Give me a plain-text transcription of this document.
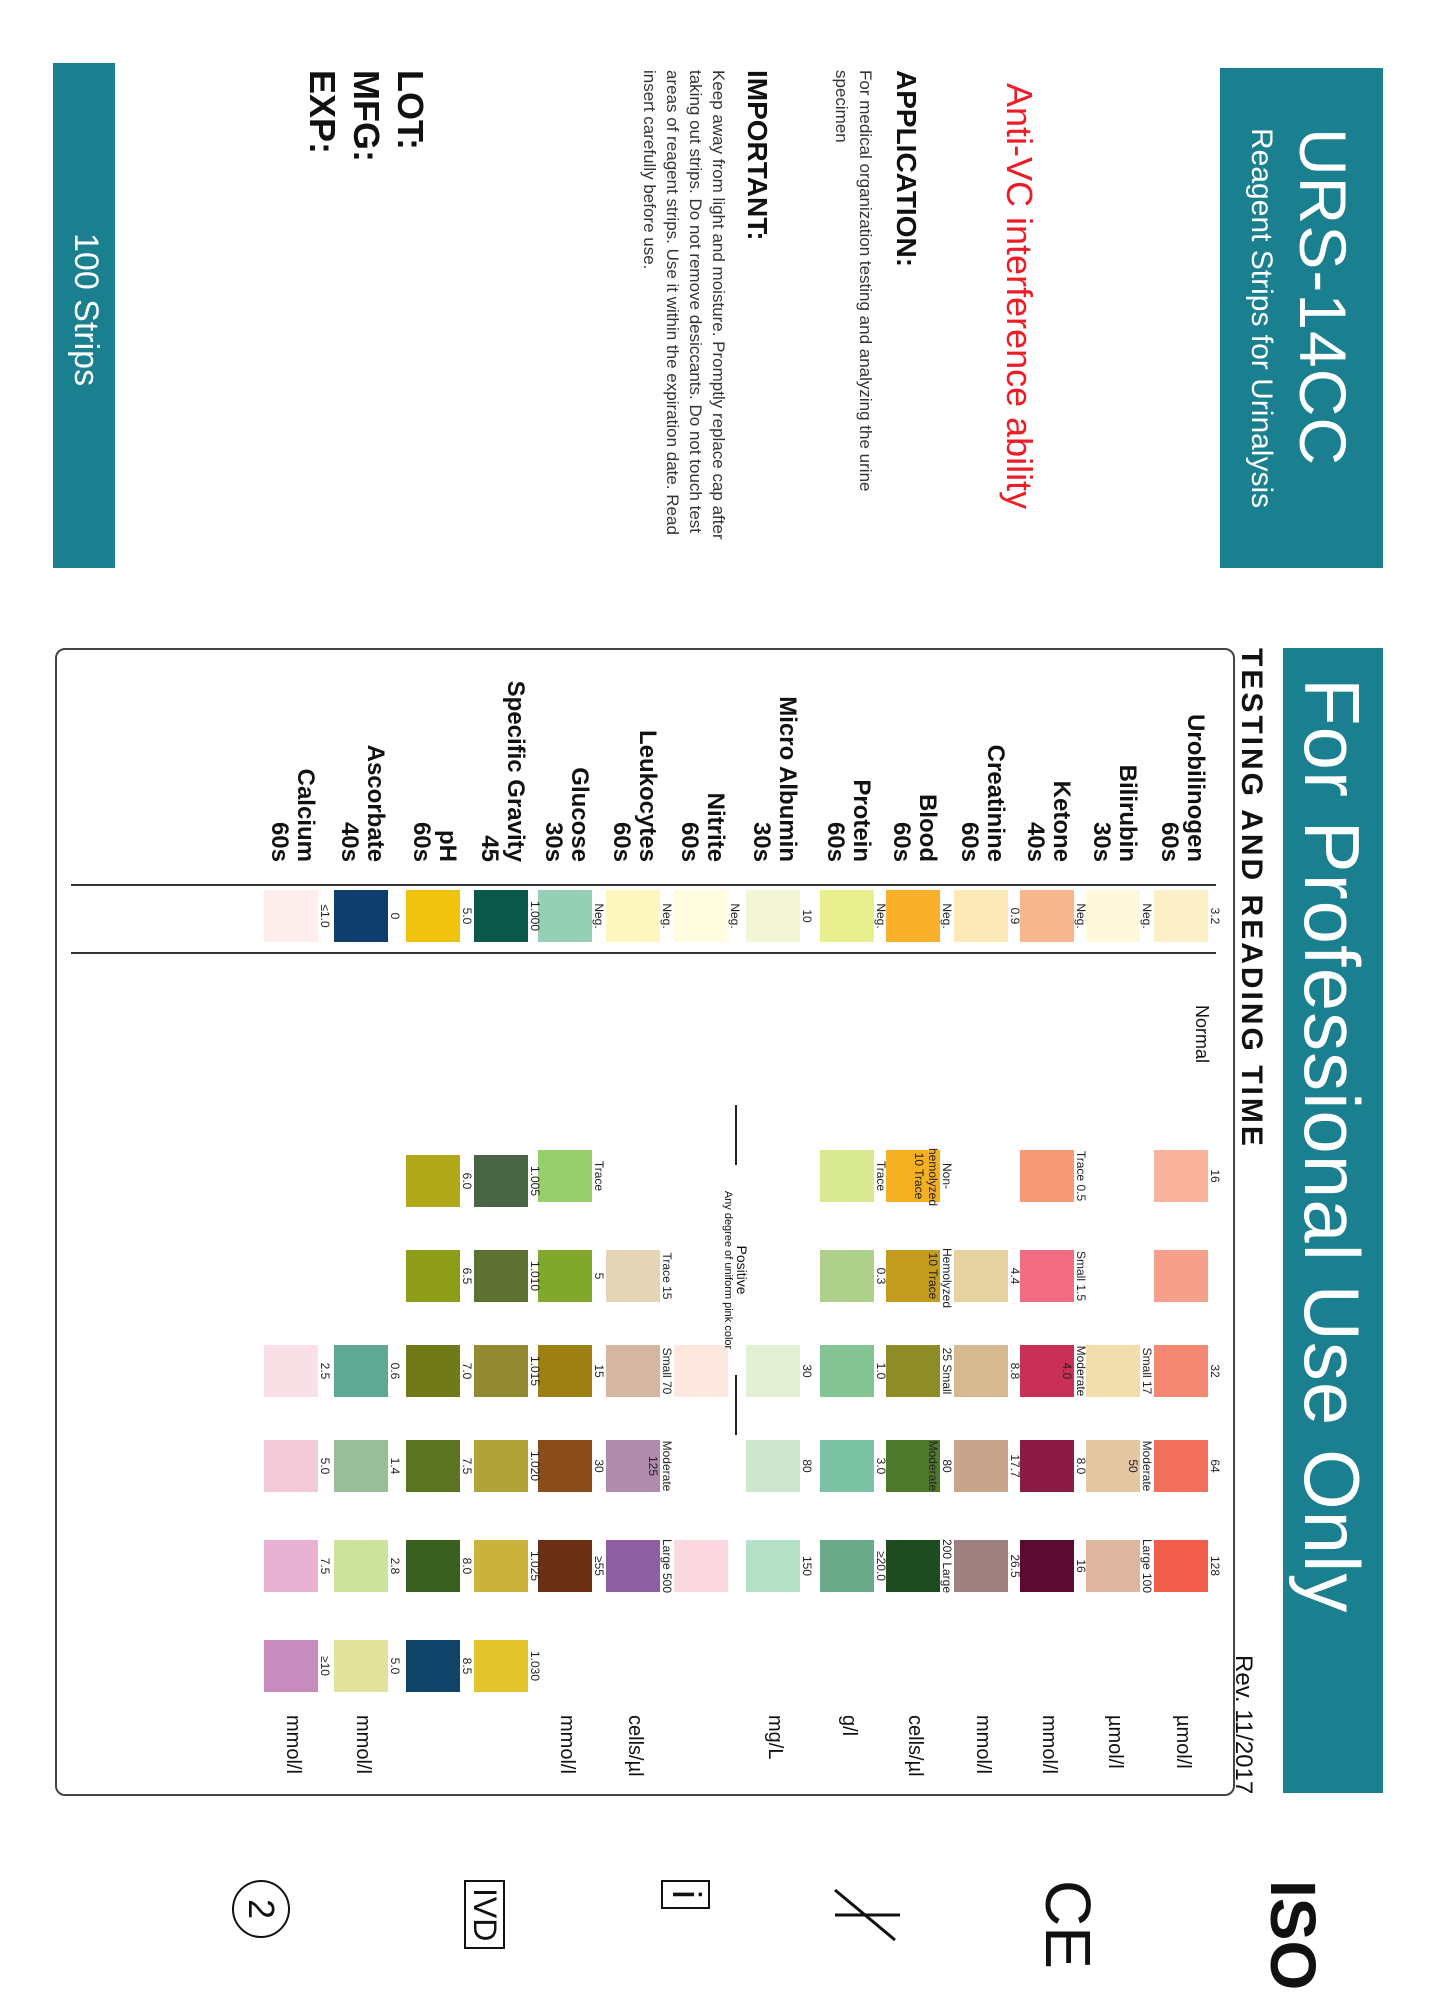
URS-14CC
Reagent Strips for Urinalysis
Anti-VC interference ability
APPLICATION:
For medical organization testing and analyzing the urine specimen
IMPORTANT:
Keep away from light and moisture. Promptly replace cap after taking out strips. Do not remove desiccants. Do not touch test areas of reagent strips. Use it within the expiration date. Read insert carefully before use.
LOT:
MFG:
EXP:
100 Strips
For Professional Use Only
Rev. 11/2017
TESTING AND READING TIME
Normal
Urobilinogen
60s
3.2
16
32
64
128
µmol/l
Bilirubin
30s
Neg.
Small 17
Moderate 50
Large 100
µmol/l
Ketone
40s
Neg.
Trace 0.5
Small 1.5
Moderate 4.0
8.0
16
mmol/l
Creatinine
60s
0.9
4.4
8.8
17.7
26.5
mmol/l
Blood
60s
Neg.
Non-hemolyzed 10 Trace
Hemolyzed 10 Trace
25 Small
80 Moderate
200 Large
cells/µl
Protein
60s
Neg.
Trace
0.3
1.0
3.0
≥20.0
g/l
Micro Albumin
30s
10
30
80
150
mg/L
Nitrite
60s
Neg.
Leukocytes
60s
Neg.
Trace 15
Small 70
Moderate 125
Large 500
cells/µl
Glucose
30s
Neg.
Trace
5
15
30
≥55
mmol/l
Specific Gravity
45
1.000
1.005
1.010
1.015
1.020
1.025
1.030
pH
60s
5.0
6.0
6.5
7.0
7.5
8.0
8.5
Ascorbate
40s
0
0.6
1.4
2.8
5.0
mmol/l
Calcium
60s
≤1.0
2.5
5.0
7.5
≥10
mmol/l
Positive
Any degree of uniform pink color
ISO
CE
i
IVD
2
